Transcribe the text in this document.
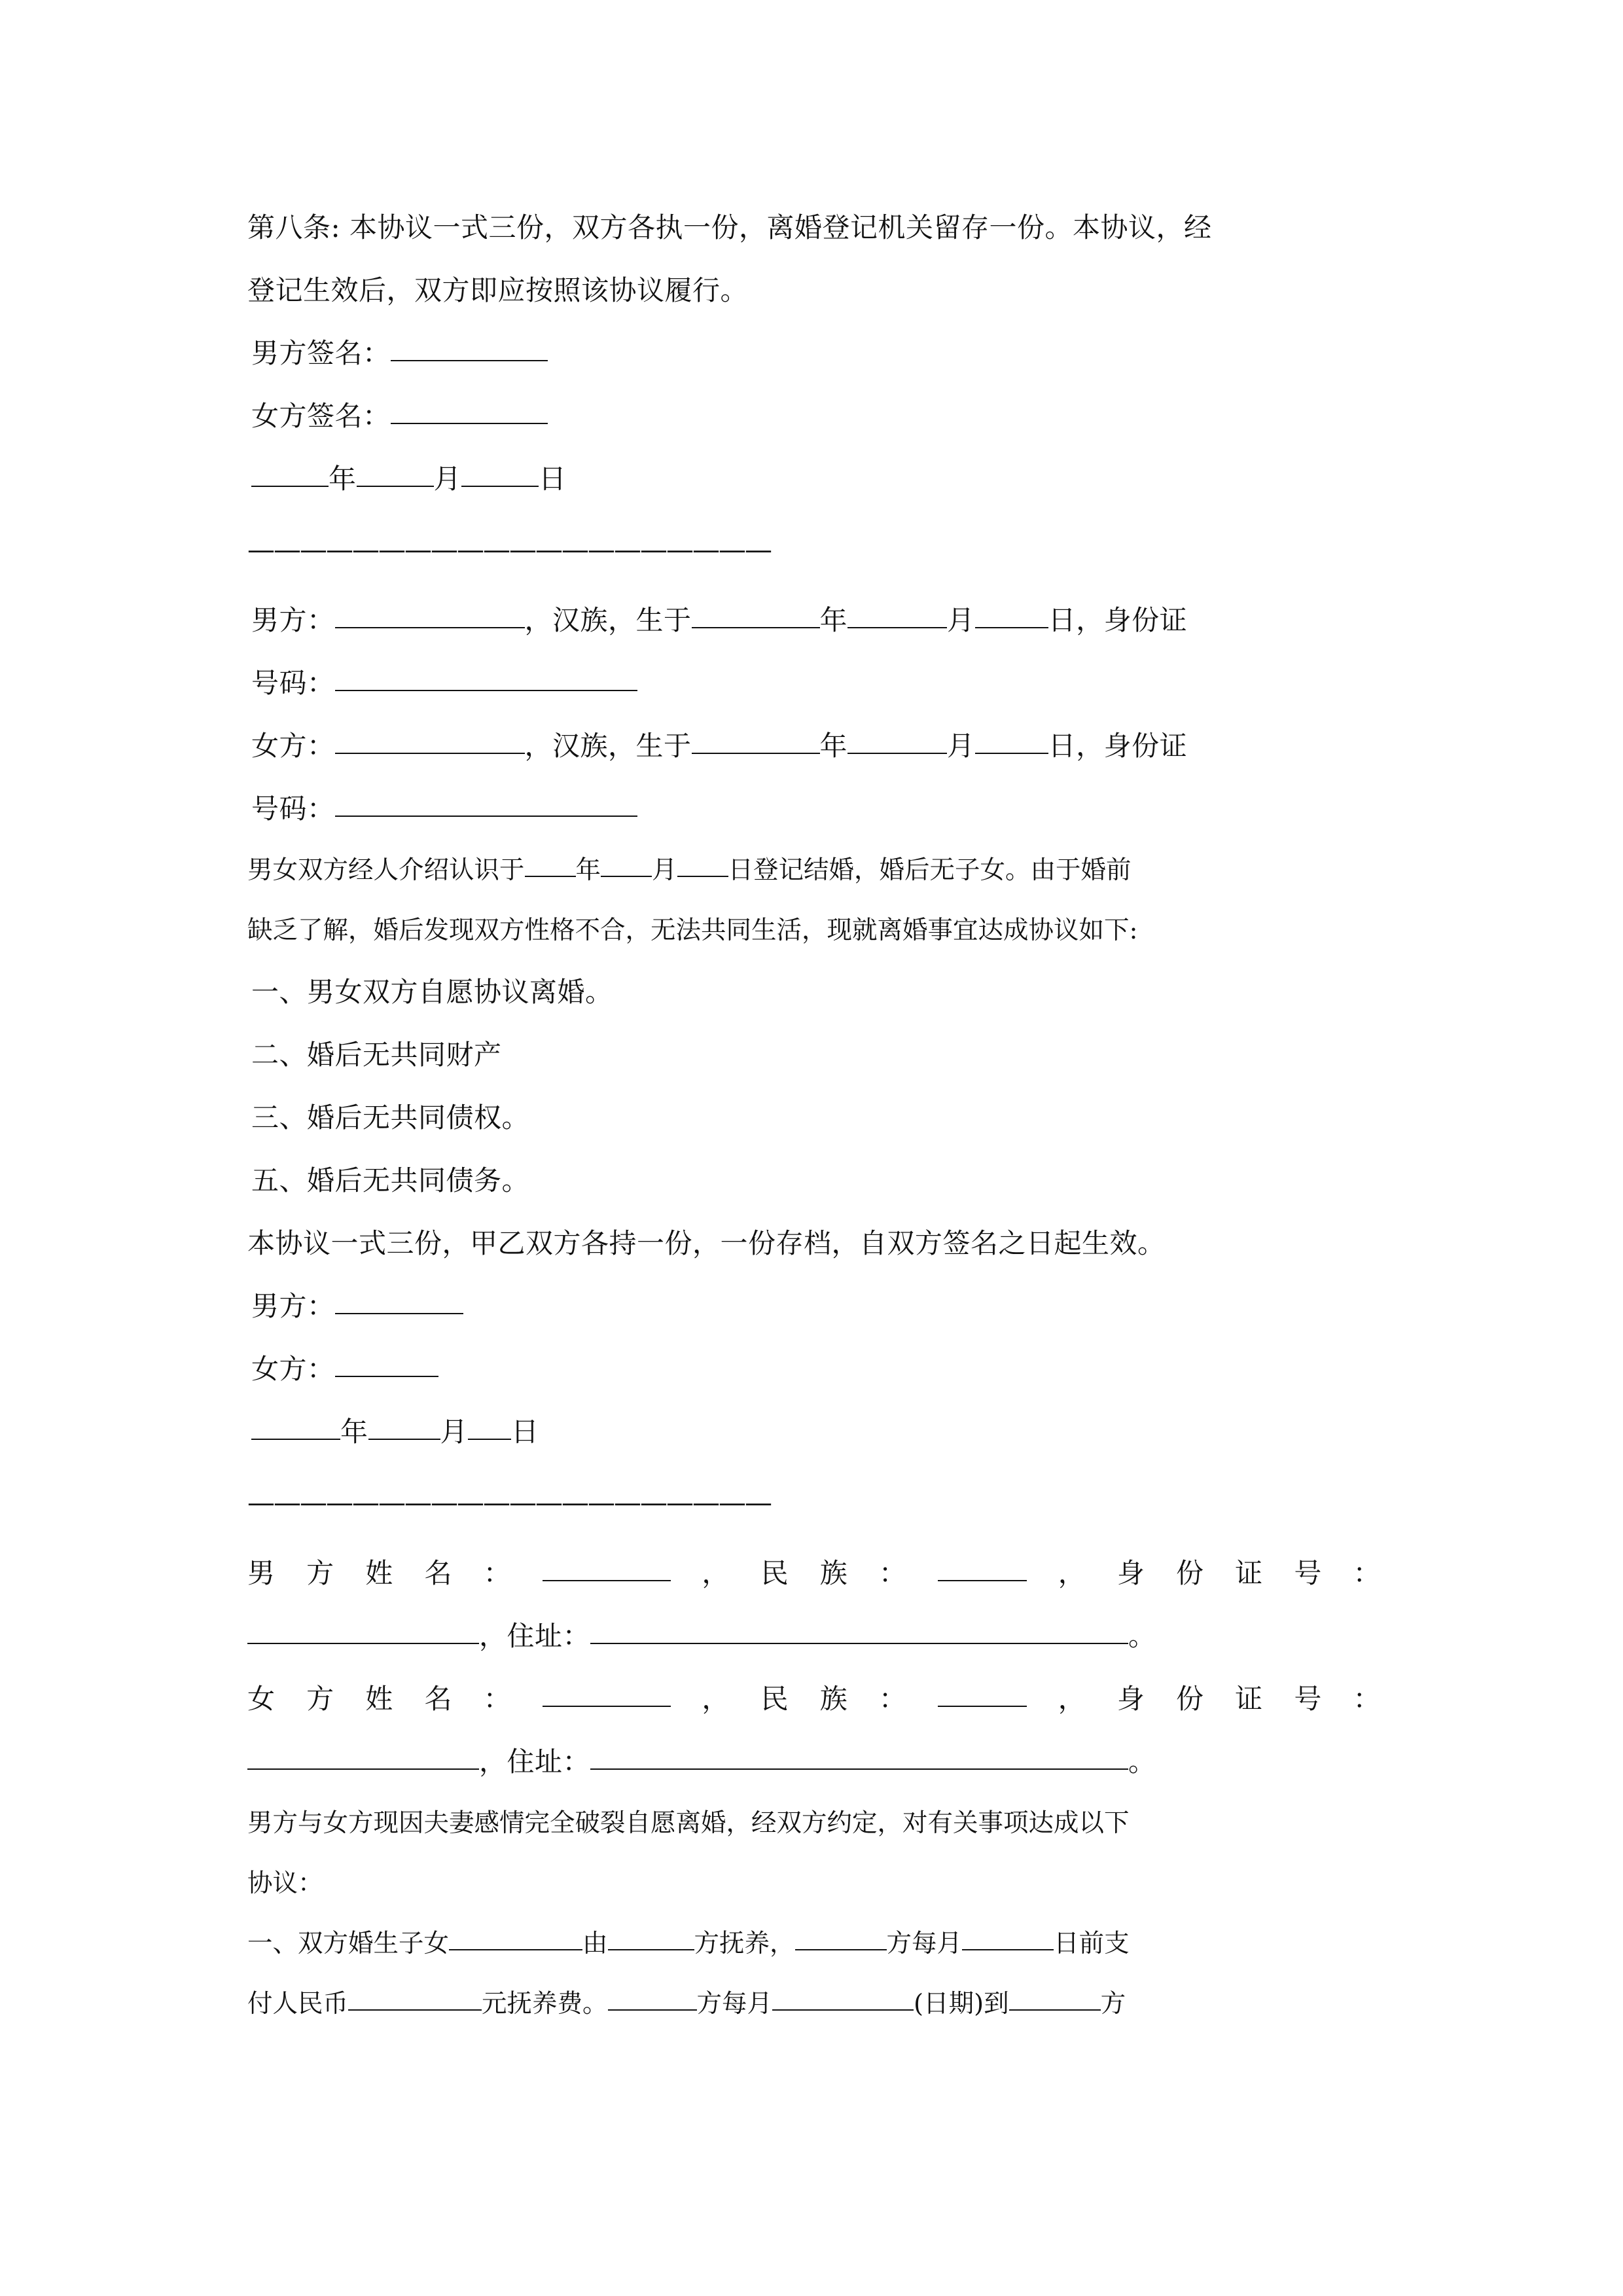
第八条: 本协议一式三份，双方各执一份，离婚登记机关留存一份。本协议，经
登记生效后，双方即应按照该协议履行。
男方签名：
女方签名：
年	月	日
————————————————————
男方：	，汉族，生于	年	月	日，身份证
号码：
女方：	，汉族，生于	年	月	日，身份证
号码：
男女双方经人介绍认识于 年 月 日登记结婚，婚后无子女。由于婚前
缺乏了解，婚后发现双方性格不合，无法共同生活，现就离婚事宜达成协议如下:
一、男女双方自愿协议离婚。
二、婚后无共同财产
三、婚后无共同债权。
五、婚后无共同债务。
本协议一式三份，甲乙双方各持一份，一份存档，自双方签名之日起生效。
男方：
女方：
年	月 日
————————————————————
男方姓名：	，民族：	，身份证号：
，住址：	。
女方姓名：	，民族：	，身份证号：
，住址：	。
男方与女方现因夫妻感情完全破裂自愿离婚，经双方约定，对有关事项达成以下
协议：
一、双方婚生子女	由	方抚养，	方每月	日前支
付人民币	元抚养费。	方每月	(日期)到	方
